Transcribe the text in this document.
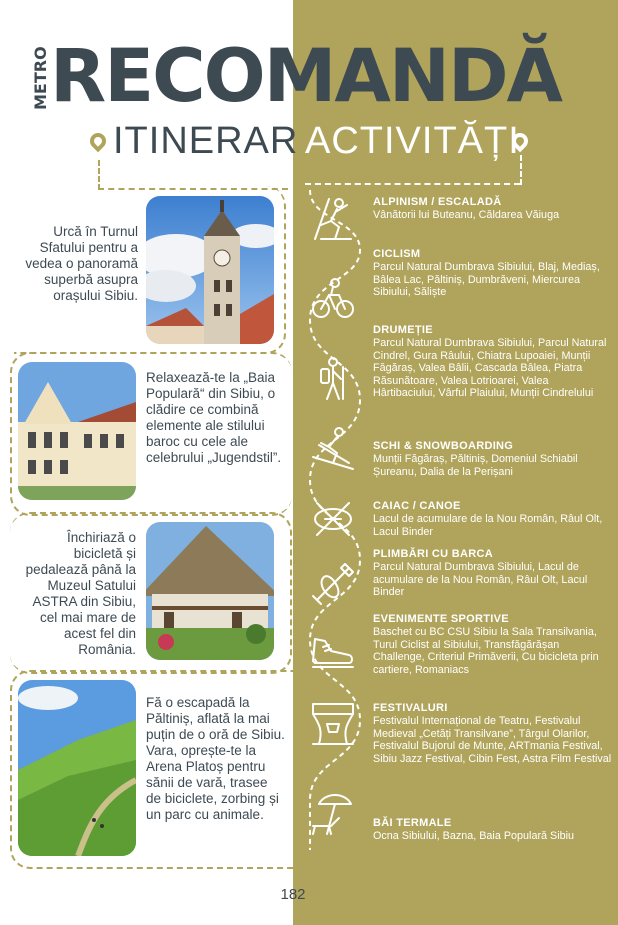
METRO RECOMANDĂ
ITINERAR ACTIVITĂȚI
Urcă în Turnul Sfatului pentru a vedea o panoramă superbă asupra orașului Sibiu.
Relaxează-te la „Baia Populară“ din Sibiu, o clădire ce combină elemente ale stilului baroc cu cele ale celebrului „Jugendstil”.
Închiriază o bicicletă și pedalează până la Muzeul Satului ASTRA din Sibiu, cel mai mare de acest fel din România.
Fă o escapadă la Păltiniș, aflată la mai puțin de o oră de Sibiu. Vara, oprește-te la Arena Platoș pentru sănii de vară, trasee de biciclete, zorbing și un parc cu animale.
ALPINISM / ESCALADĂ
Vânătorii lui Buteanu, Căldarea Văiuga
CICLISM
Parcul Natural Dumbrava Sibiului, Blaj, Mediaș, Bâlea Lac, Păltiniș, Dumbrăveni, Miercurea Sibiului, Săliște
DRUMEȚIE
Parcul Natural Dumbrava Sibiului, Parcul Natural Cindrel, Gura Râului, Chiatra Lupoaiei, Munții Făgăraș, Valea Bâlii, Cascada Bâlea, Piatra Răsunătoare, Valea Lotrioarei, Valea Hârtibaciului, Vârful Plaiului, Munții Cindrelului
SCHI & SNOWBOARDING
Munții Făgăraș, Păltiniș, Domeniul Schiabil Șureanu, Dalia de la Perișani
CAIAC / CANOE
Lacul de acumulare de la Nou Român, Râul Olt, Lacul Binder
PLIMBĂRI CU BARCA
Parcul Natural Dumbrava Sibiului, Lacul de acumulare de la Nou Român, Râul Olt, Lacul Binder
EVENIMENTE SPORTIVE
Baschet cu BC CSU Sibiu la Sala Transilvania, Turul Ciclist al Sibiului, Transfăgărășan Challenge, Criteriul Primăverii, Cu bicicleta prin cartiere, Romaniacs
FESTIVALURI
Festivalul Internațional de Teatru, Festivalul Medieval „Cetăți Transilvane”, Târgul Olarilor, Festivalul Bujorul de Munte, ARTmania Festival, Sibiu Jazz Festival, Cibin Fest, Astra Film Festival
BĂI TERMALE
Ocna Sibiului, Bazna, Baia Populară Sibiu
182
